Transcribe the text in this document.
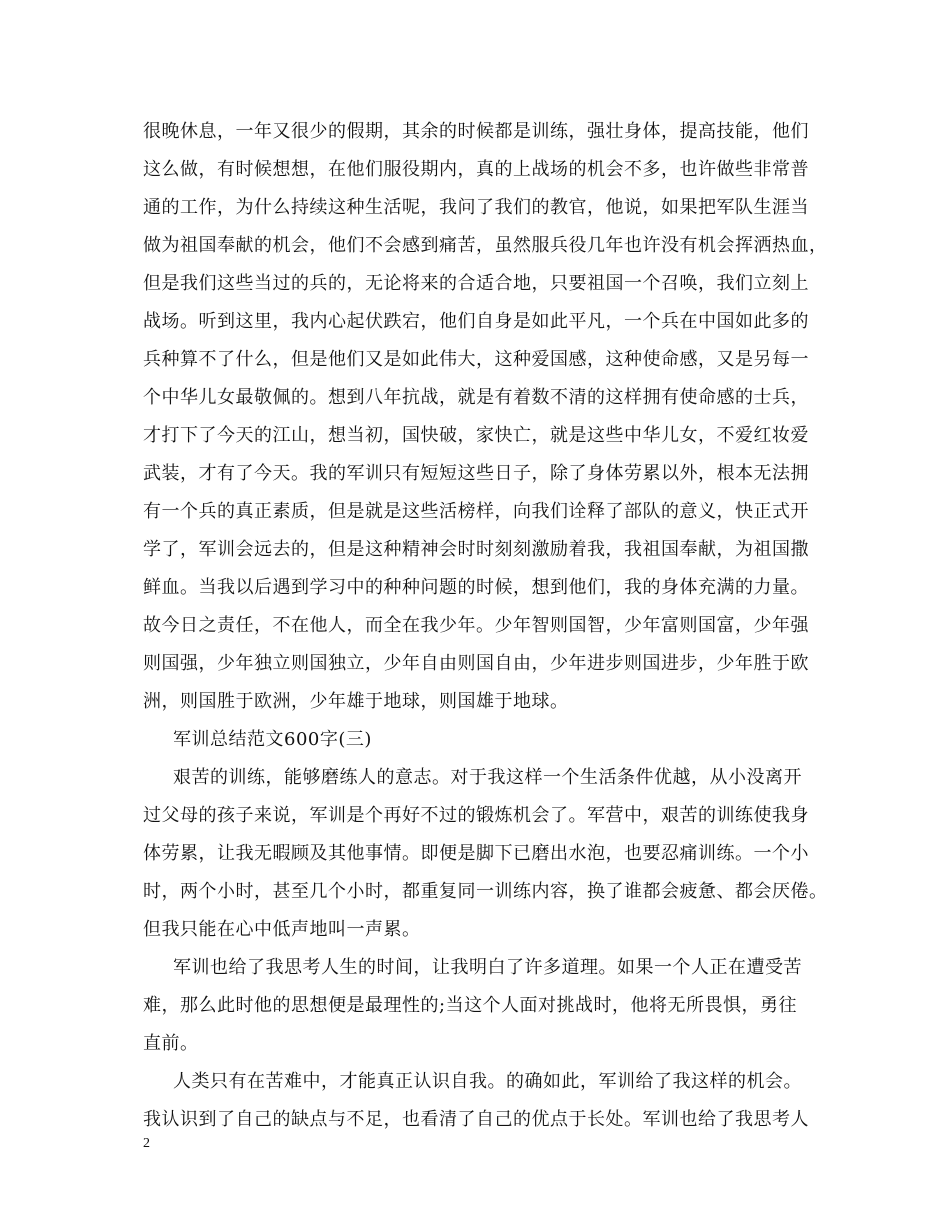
很晚休息，一年又很少的假期，其余的时候都是训练，强壮身体，提高技能，他们
这么做，有时候想想，在他们服役期内，真的上战场的机会不多，也许做些非常普
通的工作，为什么持续这种生活呢，我问了我们的教官，他说，如果把军队生涯当
做为祖国奉献的机会，他们不会感到痛苦，虽然服兵役几年也许没有机会挥洒热血，
但是我们这些当过的兵的，无论将来的合适合地，只要祖国一个召唤，我们立刻上
战场。听到这里，我内心起伏跌宕，他们自身是如此平凡，一个兵在中国如此多的
兵种算不了什么，但是他们又是如此伟大，这种爱国感，这种使命感，又是另每一
个中华儿女最敬佩的。想到八年抗战，就是有着数不清的这样拥有使命感的士兵，
才打下了今天的江山，想当初，国快破，家快亡，就是这些中华儿女，不爱红妆爱
武装，才有了今天。我的军训只有短短这些日子，除了身体劳累以外，根本无法拥
有一个兵的真正素质，但是就是这些活榜样，向我们诠释了部队的意义，快正式开
学了，军训会远去的，但是这种精神会时时刻刻激励着我，我祖国奉献，为祖国撒
鲜血。当我以后遇到学习中的种种问题的时候，想到他们，我的身体充满的力量。
故今日之责任，不在他人，而全在我少年。少年智则国智，少年富则国富，少年强
则国强，少年独立则国独立，少年自由则国自由，少年进步则国进步，少年胜于欧
洲，则国胜于欧洲，少年雄于地球，则国雄于地球。
军训总结范文600字(三)
艰苦的训练，能够磨练人的意志。对于我这样一个生活条件优越，从小没离开
过父母的孩子来说，军训是个再好不过的锻炼机会了。军营中，艰苦的训练使我身
体劳累，让我无暇顾及其他事情。即便是脚下已磨出水泡，也要忍痛训练。一个小
时，两个小时，甚至几个小时，都重复同一训练内容，换了谁都会疲惫、都会厌倦。
但我只能在心中低声地叫一声累。
军训也给了我思考人生的时间，让我明白了许多道理。如果一个人正在遭受苦
难，那么此时他的思想便是最理性的;当这个人面对挑战时，他将无所畏惧，勇往
直前。
人类只有在苦难中，才能真正认识自我。的确如此，军训给了我这样的机会。
我认识到了自己的缺点与不足，也看清了自己的优点于长处。军训也给了我思考人
2
